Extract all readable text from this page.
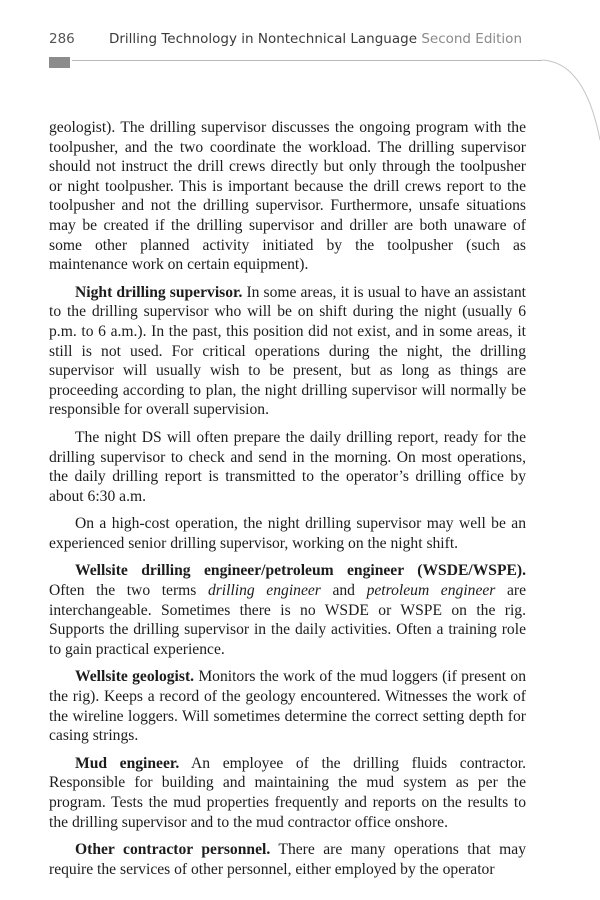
286	Drilling Technology in Nontechnical Language Second Edition

geologist). The drilling supervisor discusses the ongoing program with the toolpusher, and the two coordinate the workload. The drilling supervisor should not instruct the drill crews directly but only through the toolpusher or night toolpusher. This is important because the drill crews report to the toolpusher and not the drilling supervisor. Furthermore, unsafe situations may be created if the drilling supervisor and driller are both unaware of some other planned activity initiated by the toolpusher (such as maintenance work on certain equipment).

Night drilling supervisor. In some areas, it is usual to have an assistant to the drilling supervisor who will be on shift during the night (usually 6 p.m. to 6 a.m.). In the past, this position did not exist, and in some areas, it still is not used. For critical operations during the night, the drilling supervisor will usually wish to be present, but as long as things are proceeding according to plan, the night drilling supervisor will normally be responsible for overall supervision.

The night DS will often prepare the daily drilling report, ready for the drilling supervisor to check and send in the morning. On most operations, the daily drilling report is transmitted to the operator’s drilling office by about 6:30 a.m.

On a high-cost operation, the night drilling supervisor may well be an experienced senior drilling supervisor, working on the night shift.

Wellsite drilling engineer/petroleum engineer (WSDE/WSPE). Often the two terms drilling engineer and petroleum engineer are interchangeable. Sometimes there is no WSDE or WSPE on the rig. Supports the drilling supervisor in the daily activities. Often a training role to gain practical experience.

Wellsite geologist. Monitors the work of the mud loggers (if present on the rig). Keeps a record of the geology encountered. Witnesses the work of the wireline loggers. Will sometimes determine the correct setting depth for casing strings.

Mud engineer. An employee of the drilling fluids contractor. Responsible for building and maintaining the mud system as per the program. Tests the mud properties frequently and reports on the results to the drilling supervisor and to the mud contractor office onshore.

Other contractor personnel. There are many operations that may require the services of other personnel, either employed by the operator
